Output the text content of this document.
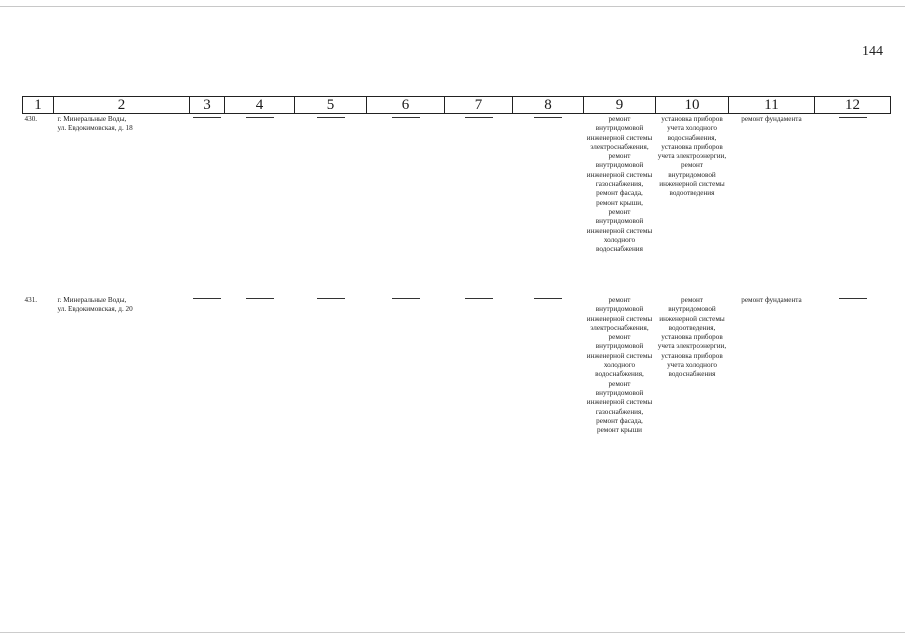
144
1	2	3	4	5	6	7	8	9	10	11	12
430.	г. Минеральные Воды,
ул. Евдокимовская, д. 18							ремонт внутридомовой инженерной системы электроснабжения, ремонт внутридомовой инженерной системы газоснабжения, ремонт фасада, ремонт крыши, ремонт внутридомовой инженерной системы холодного водоснабжения	установка приборов учета холодного водоснабжения, установка приборов учета электроэнергии, ремонт внутридомовой инженерной системы водоотведения	ремонт фундамента	

431.	г. Минеральные Воды,
ул. Евдокимовская, д. 20							ремонт внутридомовой инженерной системы электроснабжения, ремонт внутридомовой инженерной системы холодного водоснабжения, ремонт внутридомовой инженерной системы газоснабжения, ремонт фасада, ремонт крыши	ремонт внутридомовой инженерной системы водоотведения, установка приборов учета электроэнергии, установка приборов учета холодного водоснабжения	ремонт фундамента	
